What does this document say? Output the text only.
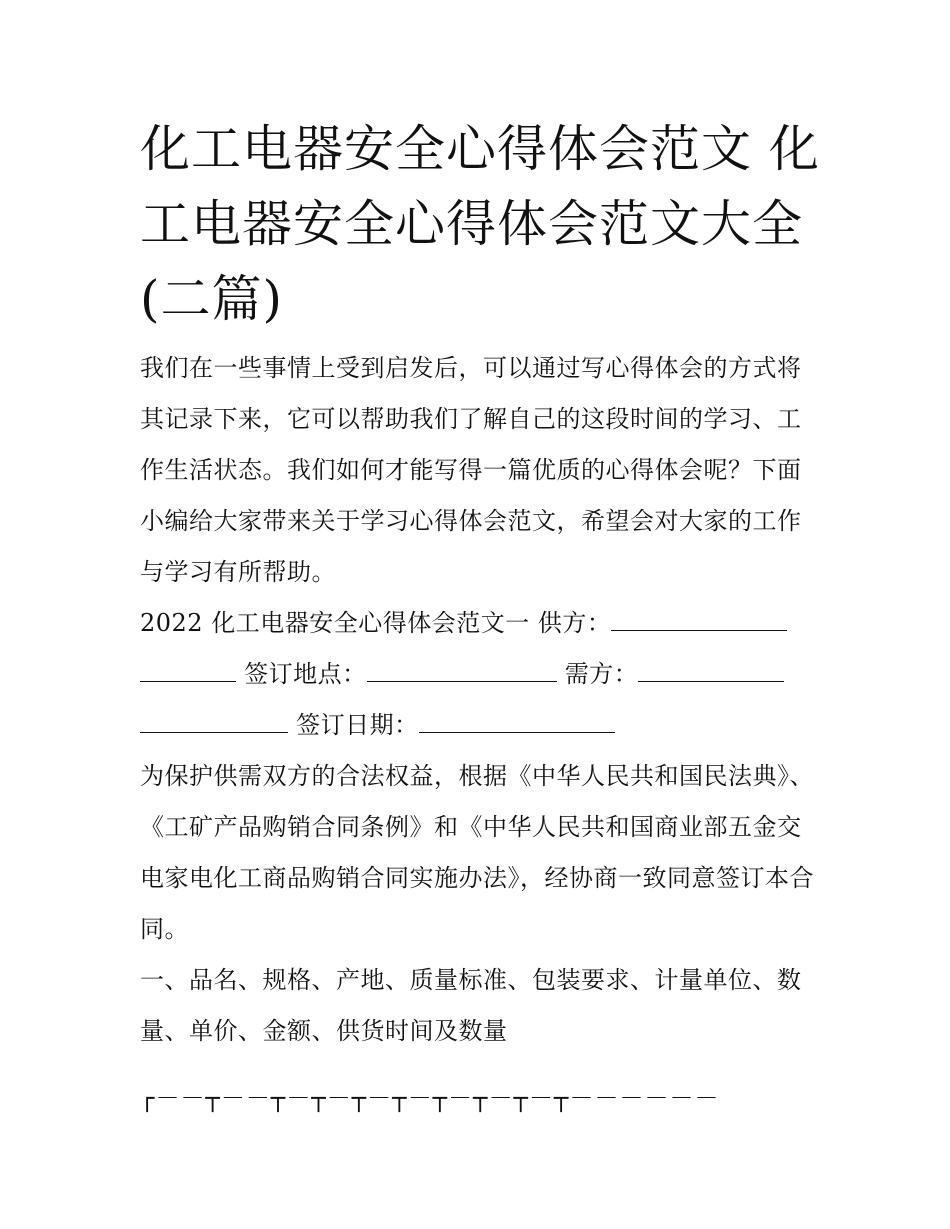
化工电器安全心得体会范文 化工电器安全心得体会范文大全(二篇)

我们在一些事情上受到启发后，可以通过写心得体会的方式将其记录下来，它可以帮助我们了解自己的这段时间的学习、工作生活状态。我们如何才能写得一篇优质的心得体会呢？下面小编给大家带来关于学习心得体会范文，希望会对大家的工作与学习有所帮助。

2022 化工电器安全心得体会范文一 供方：  签订地点：	需方：  签订日期：

为保护供需双方的合法权益，根据《中华人民共和国民法典》、《工矿产品购销合同条例》和《中华人民共和国商业部五金交电家电化工商品购销合同实施办法》，经协商一致同意签订本合同。

一、品名、规格、产地、质量标准、包装要求、计量单位、数量、单价、金额、供货时间及数量

┌－－┬－－┬－┬－┬－┬－┬－┬－┬－┬－－－－－－
